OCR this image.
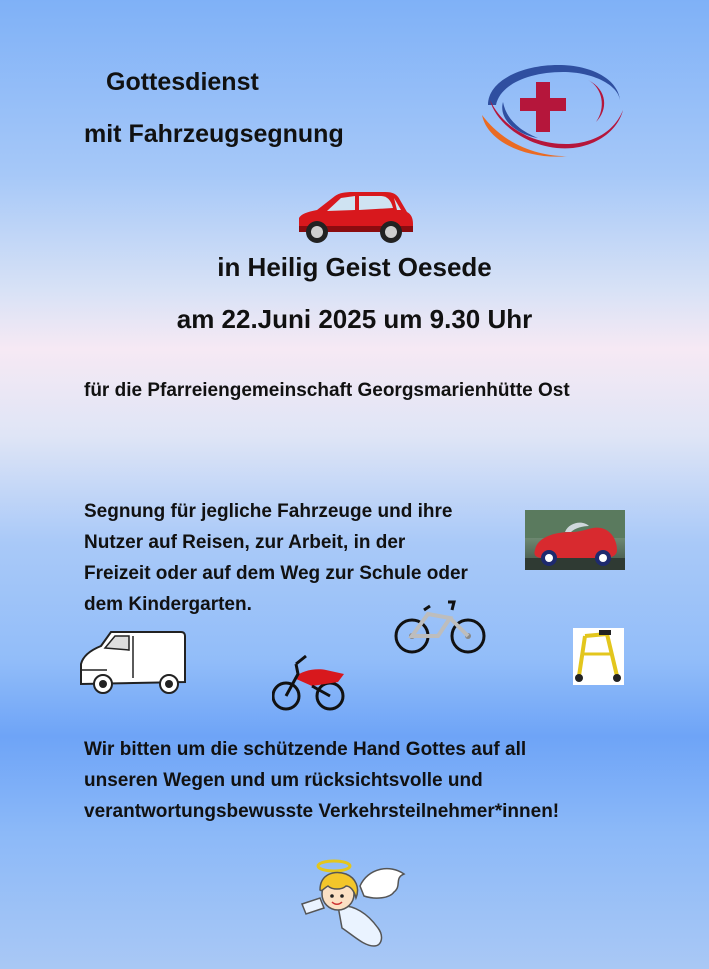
Gottesdienst
mit Fahrzeugsegnung
in Heilig Geist Oesede
am 22.Juni 2025 um 9.30 Uhr
für die Pfarreiengemeinschaft Georgsmarienhütte Ost
Segnung für jegliche Fahrzeuge und ihre
Nutzer auf Reisen, zur Arbeit, in der
Freizeit oder auf dem Weg zur Schule oder
dem Kindergarten.
Wir bitten um die schützende Hand Gottes auf all
unseren Wegen und um rücksichtsvolle und
verantwortungsbewusste Verkehrsteilnehmer*innen!
